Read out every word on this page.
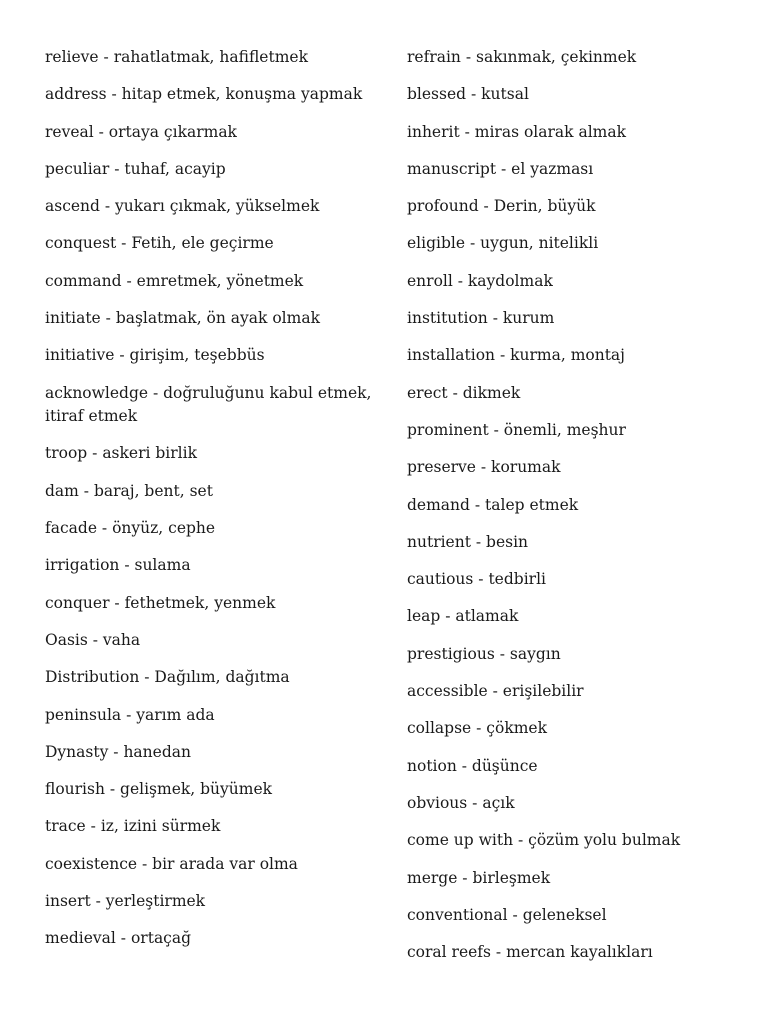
relieve - rahatlatmak, hafifletmek
address - hitap etmek, konuşma yapmak
reveal - ortaya çıkarmak
peculiar - tuhaf, acayip
ascend - yukarı çıkmak, yükselmek
conquest - Fetih, ele geçirme
command - emretmek, yönetmek
initiate - başlatmak, ön ayak olmak
initiative - girişim, teşebbüs
acknowledge - doğruluğunu kabul etmek, itiraf etmek
troop - askeri birlik
dam - baraj, bent, set
facade - önyüz, cephe
irrigation - sulama
conquer - fethetmek, yenmek
Oasis - vaha
Distribution - Dağılım, dağıtma
peninsula - yarım ada
Dynasty - hanedan
flourish - gelişmek, büyümek
trace - iz, izini sürmek
coexistence - bir arada var olma
insert - yerleştirmek
medieval - ortaçağ
refrain - sakınmak, çekinmek
blessed - kutsal
inherit - miras olarak almak
manuscript - el yazması
profound - Derin, büyük
eligible - uygun, nitelikli
enroll - kaydolmak
institution - kurum
installation - kurma, montaj
erect - dikmek
prominent - önemli, meşhur
preserve - korumak
demand - talep etmek
nutrient - besin
cautious - tedbirli
leap - atlamak
prestigious - saygın
accessible - erişilebilir
collapse - çökmek
notion - düşünce
obvious - açık
come up with - çözüm yolu bulmak
merge - birleşmek
conventional - geleneksel
coral reefs - mercan kayalıkları
